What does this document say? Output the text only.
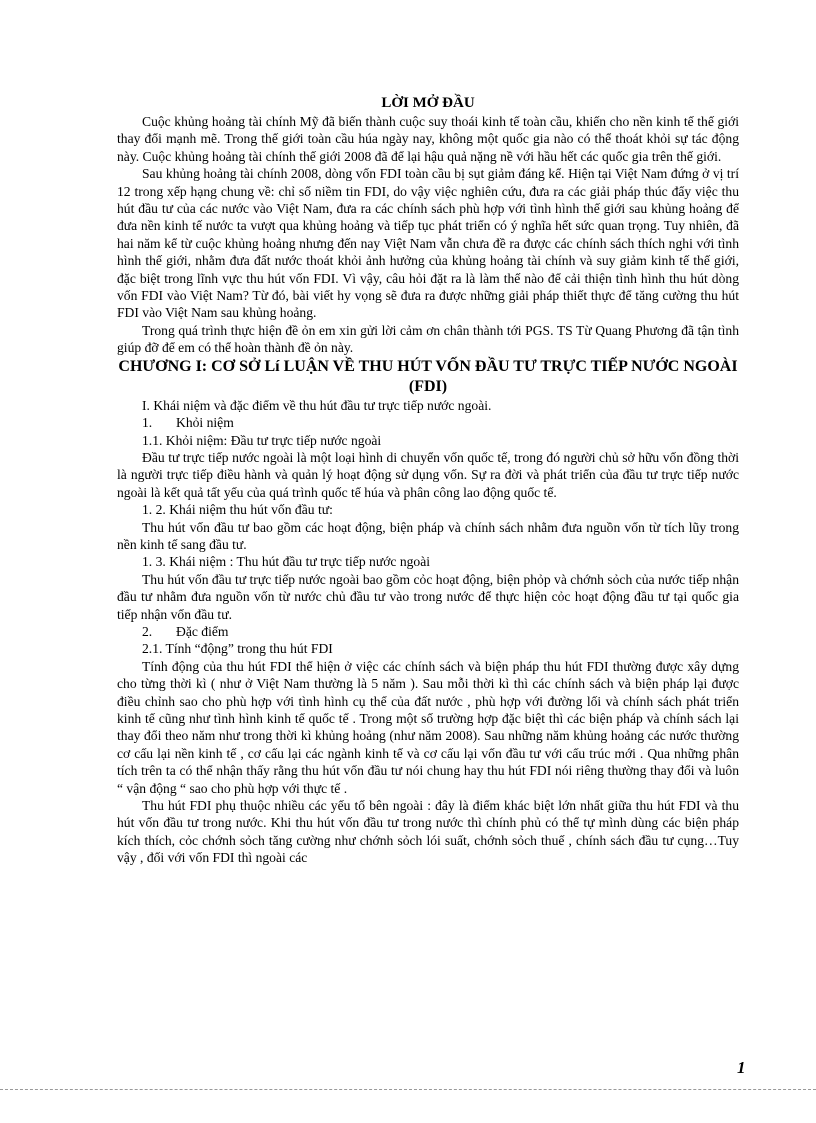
LỜI MỞ ĐẦU

Cuộc khủng hoảng tài chính Mỹ đã biến thành cuộc suy thoái kinh tế toàn cầu, khiến cho nền kinh tế thế giới thay đổi mạnh mẽ. Trong thế giới toàn cầu húa ngày nay, không một quốc gia nào có thể thoát khỏi sự tác động này. Cuộc khủng hoảng tài chính thế giới 2008 đã để lại hậu quả nặng nề với hầu hết các quốc gia trên thế giới.

Sau khủng hoảng tài chính 2008, dòng vốn FDI toàn cầu bị sụt giảm đáng kể. Hiện tại Việt Nam đứng ở vị trí 12 trong xếp hạng chung về: chỉ số niềm tin FDI, do vậy việc nghiên cứu, đưa ra các giải pháp thúc đẩy việc thu hút đầu tư của các nước vào Việt Nam, đưa ra các chính sách phù hợp với tình hình thế giới sau khủng hoảng để đưa nền kinh tế nước ta vượt qua khủng hoảng và tiếp tục phát triển có ý nghĩa hết sức quan trọng. Tuy nhiên, đã hai năm kể từ cuộc khủng hoảng nhưng đến nay Việt Nam vẫn chưa đề ra được các chính sách thích nghi với tình hình thế giới, nhằm đưa đất nước thoát khỏi ảnh hưởng của khủng hoảng tài chính và suy giảm kinh tế thế giới, đặc biệt trong lĩnh vực thu hút vốn FDI. Vì vậy, câu hỏi đặt ra là làm thế nào để cải thiện tình hình thu hút dòng vốn FDI vào Việt Nam? Từ đó, bài viết hy vọng sẽ đưa ra được những giải pháp thiết thực để tăng cường thu hút FDI vào Việt Nam sau khủng hoảng.

Trong quá trình thực hiện đề ỏn em xin gửi lời cảm ơn chân thành tới PGS. TS Từ Quang Phương đã tận tình giúp đỡ để em có thể hoàn thành đề ỏn này.

CHƯƠNG I: CƠ SỞ Lí LUẬN VỀ THU HÚT VỐN ĐẦU TƯ TRỰC TIẾP NƯỚC NGOÀI (FDI)

I. Khái niệm và đặc điểm về thu hút đầu tư trực tiếp nước ngoài.

1. Khỏi niệm

1.1. Khỏi niệm: Đầu tư trực tiếp nước ngoài

Đầu tư trực tiếp nước ngoài là một loại hình di chuyển vốn quốc tế, trong đó người chủ sở hữu vốn đồng thời là người trực tiếp điều hành và quản lý hoạt động sử dụng vốn. Sự ra đời và phát triển của đầu tư trực tiếp nước ngoài là kết quả tất yếu của quá trình quốc tế húa và phân công lao động quốc tế.

1. 2. Khái niệm thu hút vốn đầu tư:

Thu hút vốn đầu tư bao gồm các hoạt động, biện pháp và chính sách nhằm đưa nguồn vốn từ tích lũy trong nền kinh tế sang đầu tư.

1. 3. Khái niệm : Thu hút đầu tư trực tiếp nước ngoài

Thu hút vốn đầu tư trực tiếp nước ngoài bao gồm cỏc hoạt động, biện phỏp và chớnh sỏch của nước tiếp nhận đầu tư nhằm đưa nguồn vốn từ nước chủ đầu tư vào trong nước để thực hiện cỏc hoạt động đầu tư tại quốc gia tiếp nhận vốn đầu tư.

2. Đặc điểm

2.1. Tính “động” trong thu hút FDI

Tính động của thu hút FDI thể hiện ở việc các chính sách và biện pháp thu hút FDI thường được xây dựng cho từng thời kì ( như ở Việt Nam thường là 5 năm ). Sau mỗi thời kì thì các chính sách và biện pháp lại được điều chỉnh sao cho phù hợp với tình hình cụ thể của đất nước , phù hợp với đường lối và chính sách phát triển kinh tế cũng như tình hình kinh tế quốc tế . Trong một số trường hợp đặc biệt thì các biện pháp và chính sách lại thay đổi theo năm như trong thời kì khủng hoảng (như năm 2008). Sau những năm khủng hoảng các nước thường cơ cấu lại nền kinh tế , cơ cấu lại các ngành kinh tế và cơ cấu lại vốn đầu tư với cấu trúc mới . Qua những phân tích trên ta có thể nhận thấy rằng thu hút vốn đầu tư nói chung hay thu hút FDI nói riêng thường thay đổi và luôn “ vận động “ sao cho phù hợp với thực tế .

Thu hút FDI phụ thuộc nhiều các yếu tố bên ngoài : đây là điểm khác biệt lớn nhất giữa thu hút FDI và thu hút vốn đầu tư trong nước. Khi thu hút vốn đầu tư trong nước thì chính phủ có thể tự mình dùng các biện pháp kích thích, cỏc chớnh sỏch tăng cường như chớnh sỏch lói suất, chớnh sỏch thuế , chính sách đầu tư cụng…Tuy vậy , đối với vốn FDI thì ngoài các

1
